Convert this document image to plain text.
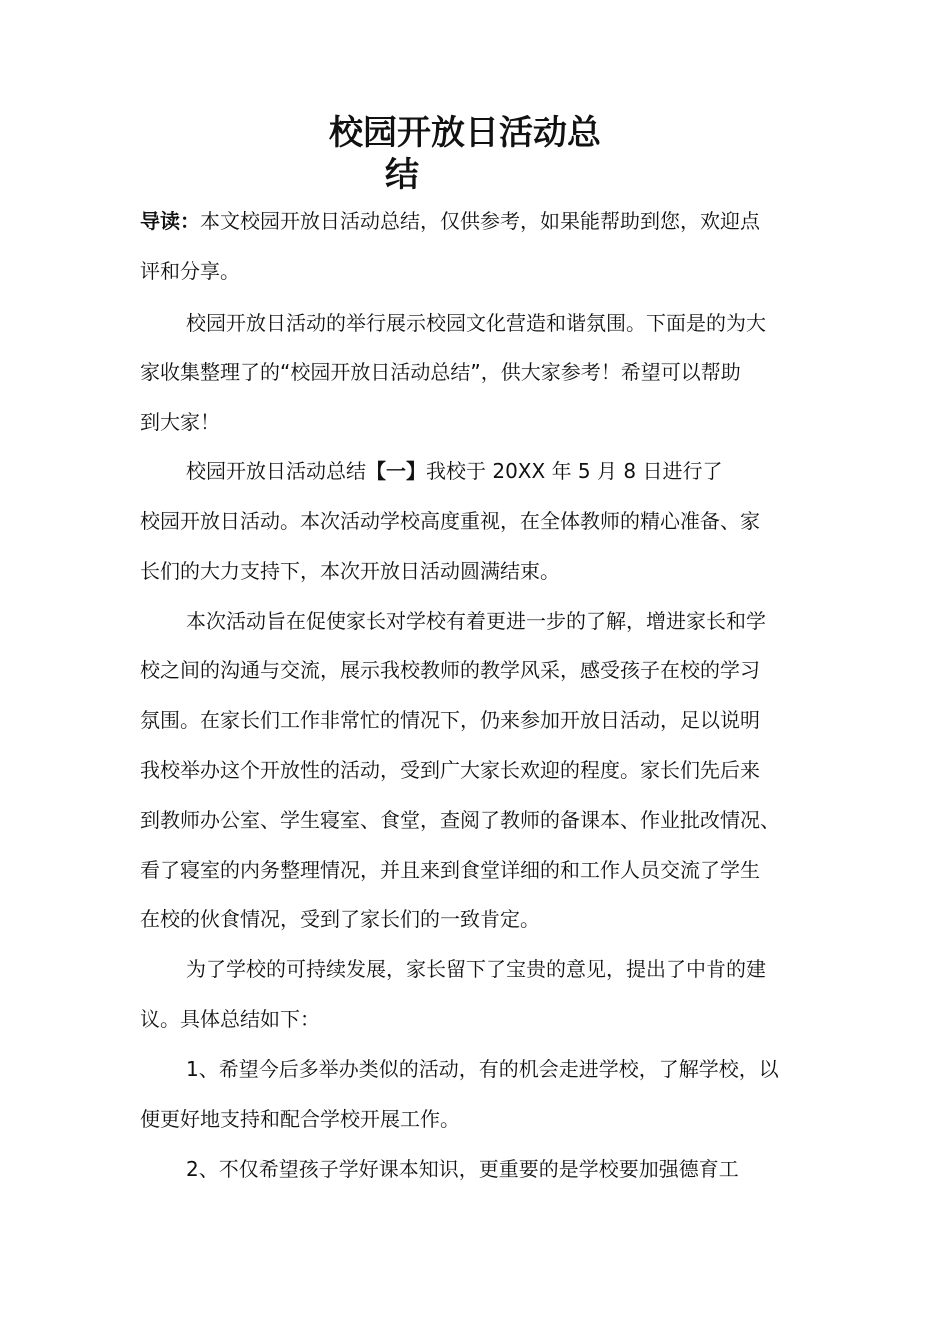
校园开放日活动总
结
导读：本文校园开放日活动总结，仅供参考，如果能帮助到您，欢迎点
评和分享。
校园开放日活动的举行展示校园文化营造和谐氛围。下面是的为大
家收集整理了的“校园开放日活动总结”，供大家参考！希望可以帮助
到大家！
校园开放日活动总结【一】我校于 20XX 年 5 月 8 日进行了
校园开放日活动。本次活动学校高度重视，在全体教师的精心准备、家
长们的大力支持下，本次开放日活动圆满结束。
本次活动旨在促使家长对学校有着更进一步的了解，增进家长和学
校之间的沟通与交流，展示我校教师的教学风采，感受孩子在校的学习
氛围。在家长们工作非常忙的情况下，仍来参加开放日活动，足以说明
我校举办这个开放性的活动，受到广大家长欢迎的程度。家长们先后来
到教师办公室、学生寝室、食堂，查阅了教师的备课本、作业批改情况、
看了寝室的内务整理情况，并且来到食堂详细的和工作人员交流了学生
在校的伙食情况，受到了家长们的一致肯定。
为了学校的可持续发展，家长留下了宝贵的意见，提出了中肯的建
议。具体总结如下：
1、希望今后多举办类似的活动，有的机会走进学校，了解学校，以
便更好地支持和配合学校开展工作。
2、不仅希望孩子学好课本知识，更重要的是学校要加强德育工
